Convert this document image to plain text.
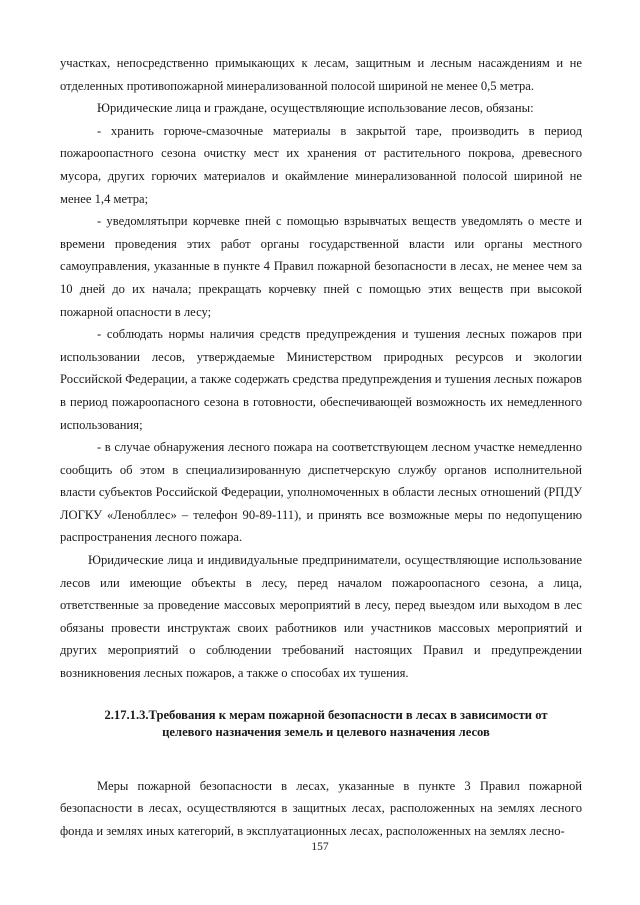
участках, непосредственно примыкающих к лесам, защитным и лесным насаждениям и не отделенных противопожарной минерализованной полосой шириной не менее 0,5 метра.

Юридические лица и граждане, осуществляющие использование лесов, обязаны:

- хранить горюче-смазочные материалы в закрытой таре, производить в период пожароопастного сезона очистку мест их хранения от растительного покрова, древесного мусора, других горючих материалов и окаймление минерализованной полосой шириной не менее 1,4 метра;

- уведомлятьпри корчевке пней с помощью взрывчатых веществ уведомлять о месте и времени проведения этих работ органы государственной власти или органы местного самоуправления, указанные в пункте 4 Правил пожарной безопасности в лесах, не менее чем за 10 дней до их начала; прекращать корчевку пней с помощью этих веществ при высокой пожарной опасности в лесу;

- соблюдать нормы наличия средств предупреждения и тушения лесных пожаров при использовании лесов, утверждаемые Министерством природных ресурсов и экологии Российской Федерации, а также содержать средства предупреждения и тушения лесных пожаров в период пожароопасного сезона в готовности, обеспечивающей возможность их немедленного использования;

- в случае обнаружения лесного пожара на соответствующем лесном участке немедленно сообщить об этом в специализированную диспетчерскую службу органов исполнительной власти субъектов Российской Федерации, уполномоченных в области лесных отношений (РПДУ ЛОГКУ «Ленобллес» – телефон 90-89-111), и принять все возможные меры по недопущению распространения лесного пожара.

Юридические лица и индивидуальные предприниматели, осуществляющие использование лесов или имеющие объекты в лесу, перед началом пожароопасного сезона, а лица, ответственные за проведение массовых мероприятий в лесу, перед выездом или выходом в лес обязаны провести инструктаж своих работников или участников массовых мероприятий и других мероприятий о соблюдении требований настоящих Правил и предупреждении возникновения лесных пожаров, а также о способах их тушения.

2.17.1.3.Требования к мерам пожарной безопасности в лесах в зависимости от целевого назначения земель и целевого назначения лесов

Меры пожарной безопасности в лесах, указанные в пункте 3 Правил пожарной безопасности в лесах, осуществляются в защитных лесах, расположенных на землях лесного фонда и землях иных категорий, в эксплуатационных лесах, расположенных на землях лесно-

157
